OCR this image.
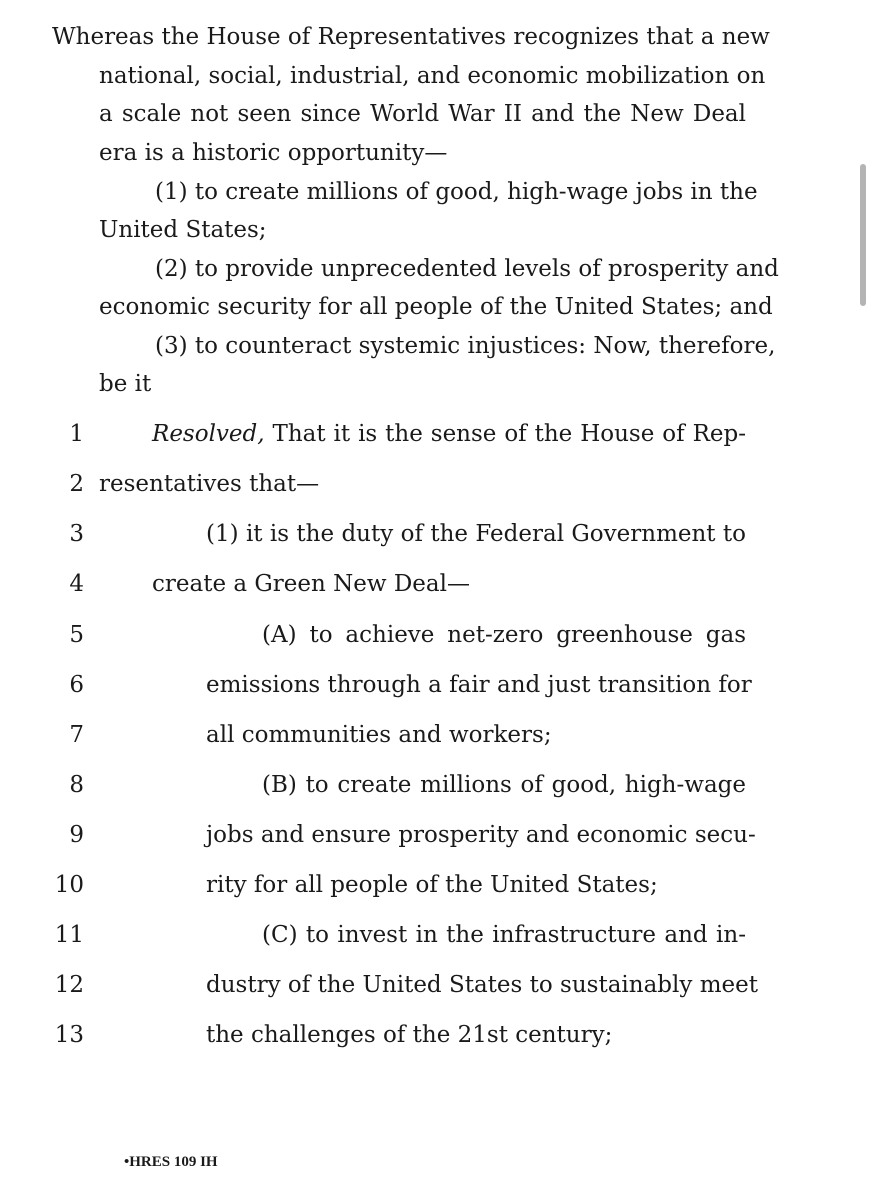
Whereas the House of Representatives recognizes that a new
national, social, industrial, and economic mobilization on
a scale not seen since World War II and the New Deal
era is a historic opportunity—
(1) to create millions of good, high-wage jobs in the
United States;
(2) to provide unprecedented levels of prosperity and
economic security for all people of the United States; and
(3) to counteract systemic injustices: Now, therefore,
be it
1	Resolved, That it is the sense of the House of Rep-
2 resentatives that—
3	(1) it is the duty of the Federal Government to
4	create a Green New Deal—
5	(A) to achieve net-zero greenhouse gas
6	emissions through a fair and just transition for
7	all communities and workers;
8	(B) to create millions of good, high-wage
9	jobs and ensure prosperity and economic secu-
10	rity for all people of the United States;
11	(C) to invest in the infrastructure and in-
12	dustry of the United States to sustainably meet
13	the challenges of the 21st century;
•HRES 109 IH
